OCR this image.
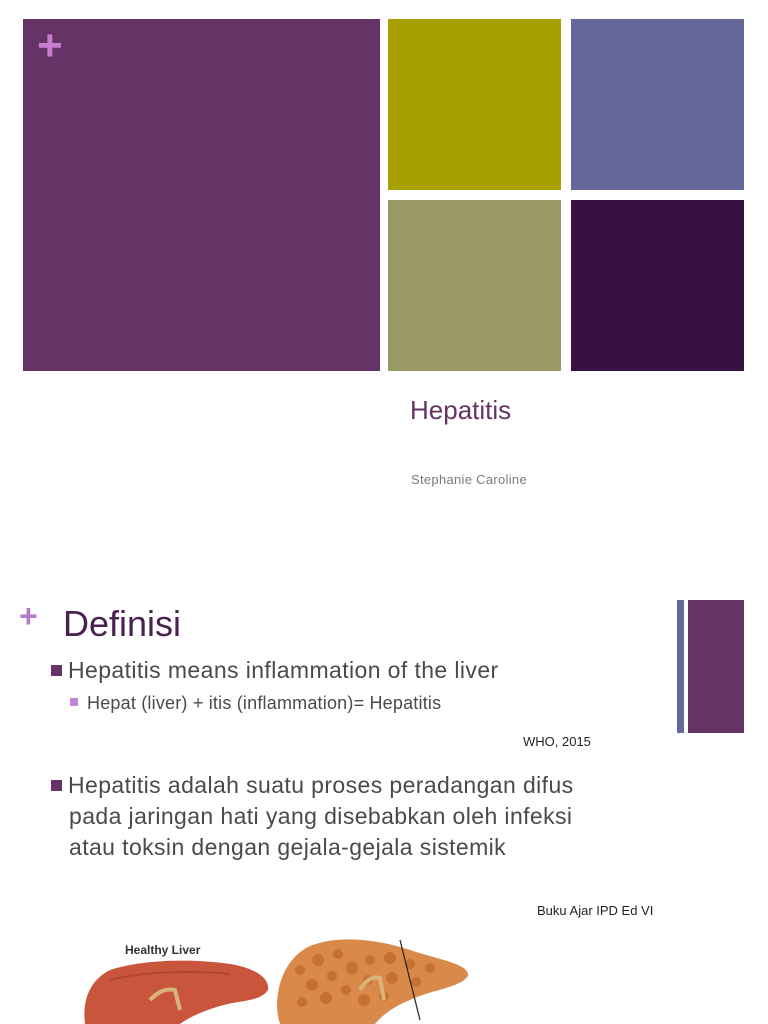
+
Hepatitis
Stephanie Caroline
+ Definisi
Hepatitis means inflammation of the liver
Hepat (liver) + itis (inflammation)= Hepatitis
WHO, 2015
Hepatitis adalah suatu proses peradangan difus
pada jaringan hati yang disebabkan oleh infeksi
atau toksin dengan gejala-gejala sistemik
Buku Ajar IPD Ed VI
Healthy Liver
